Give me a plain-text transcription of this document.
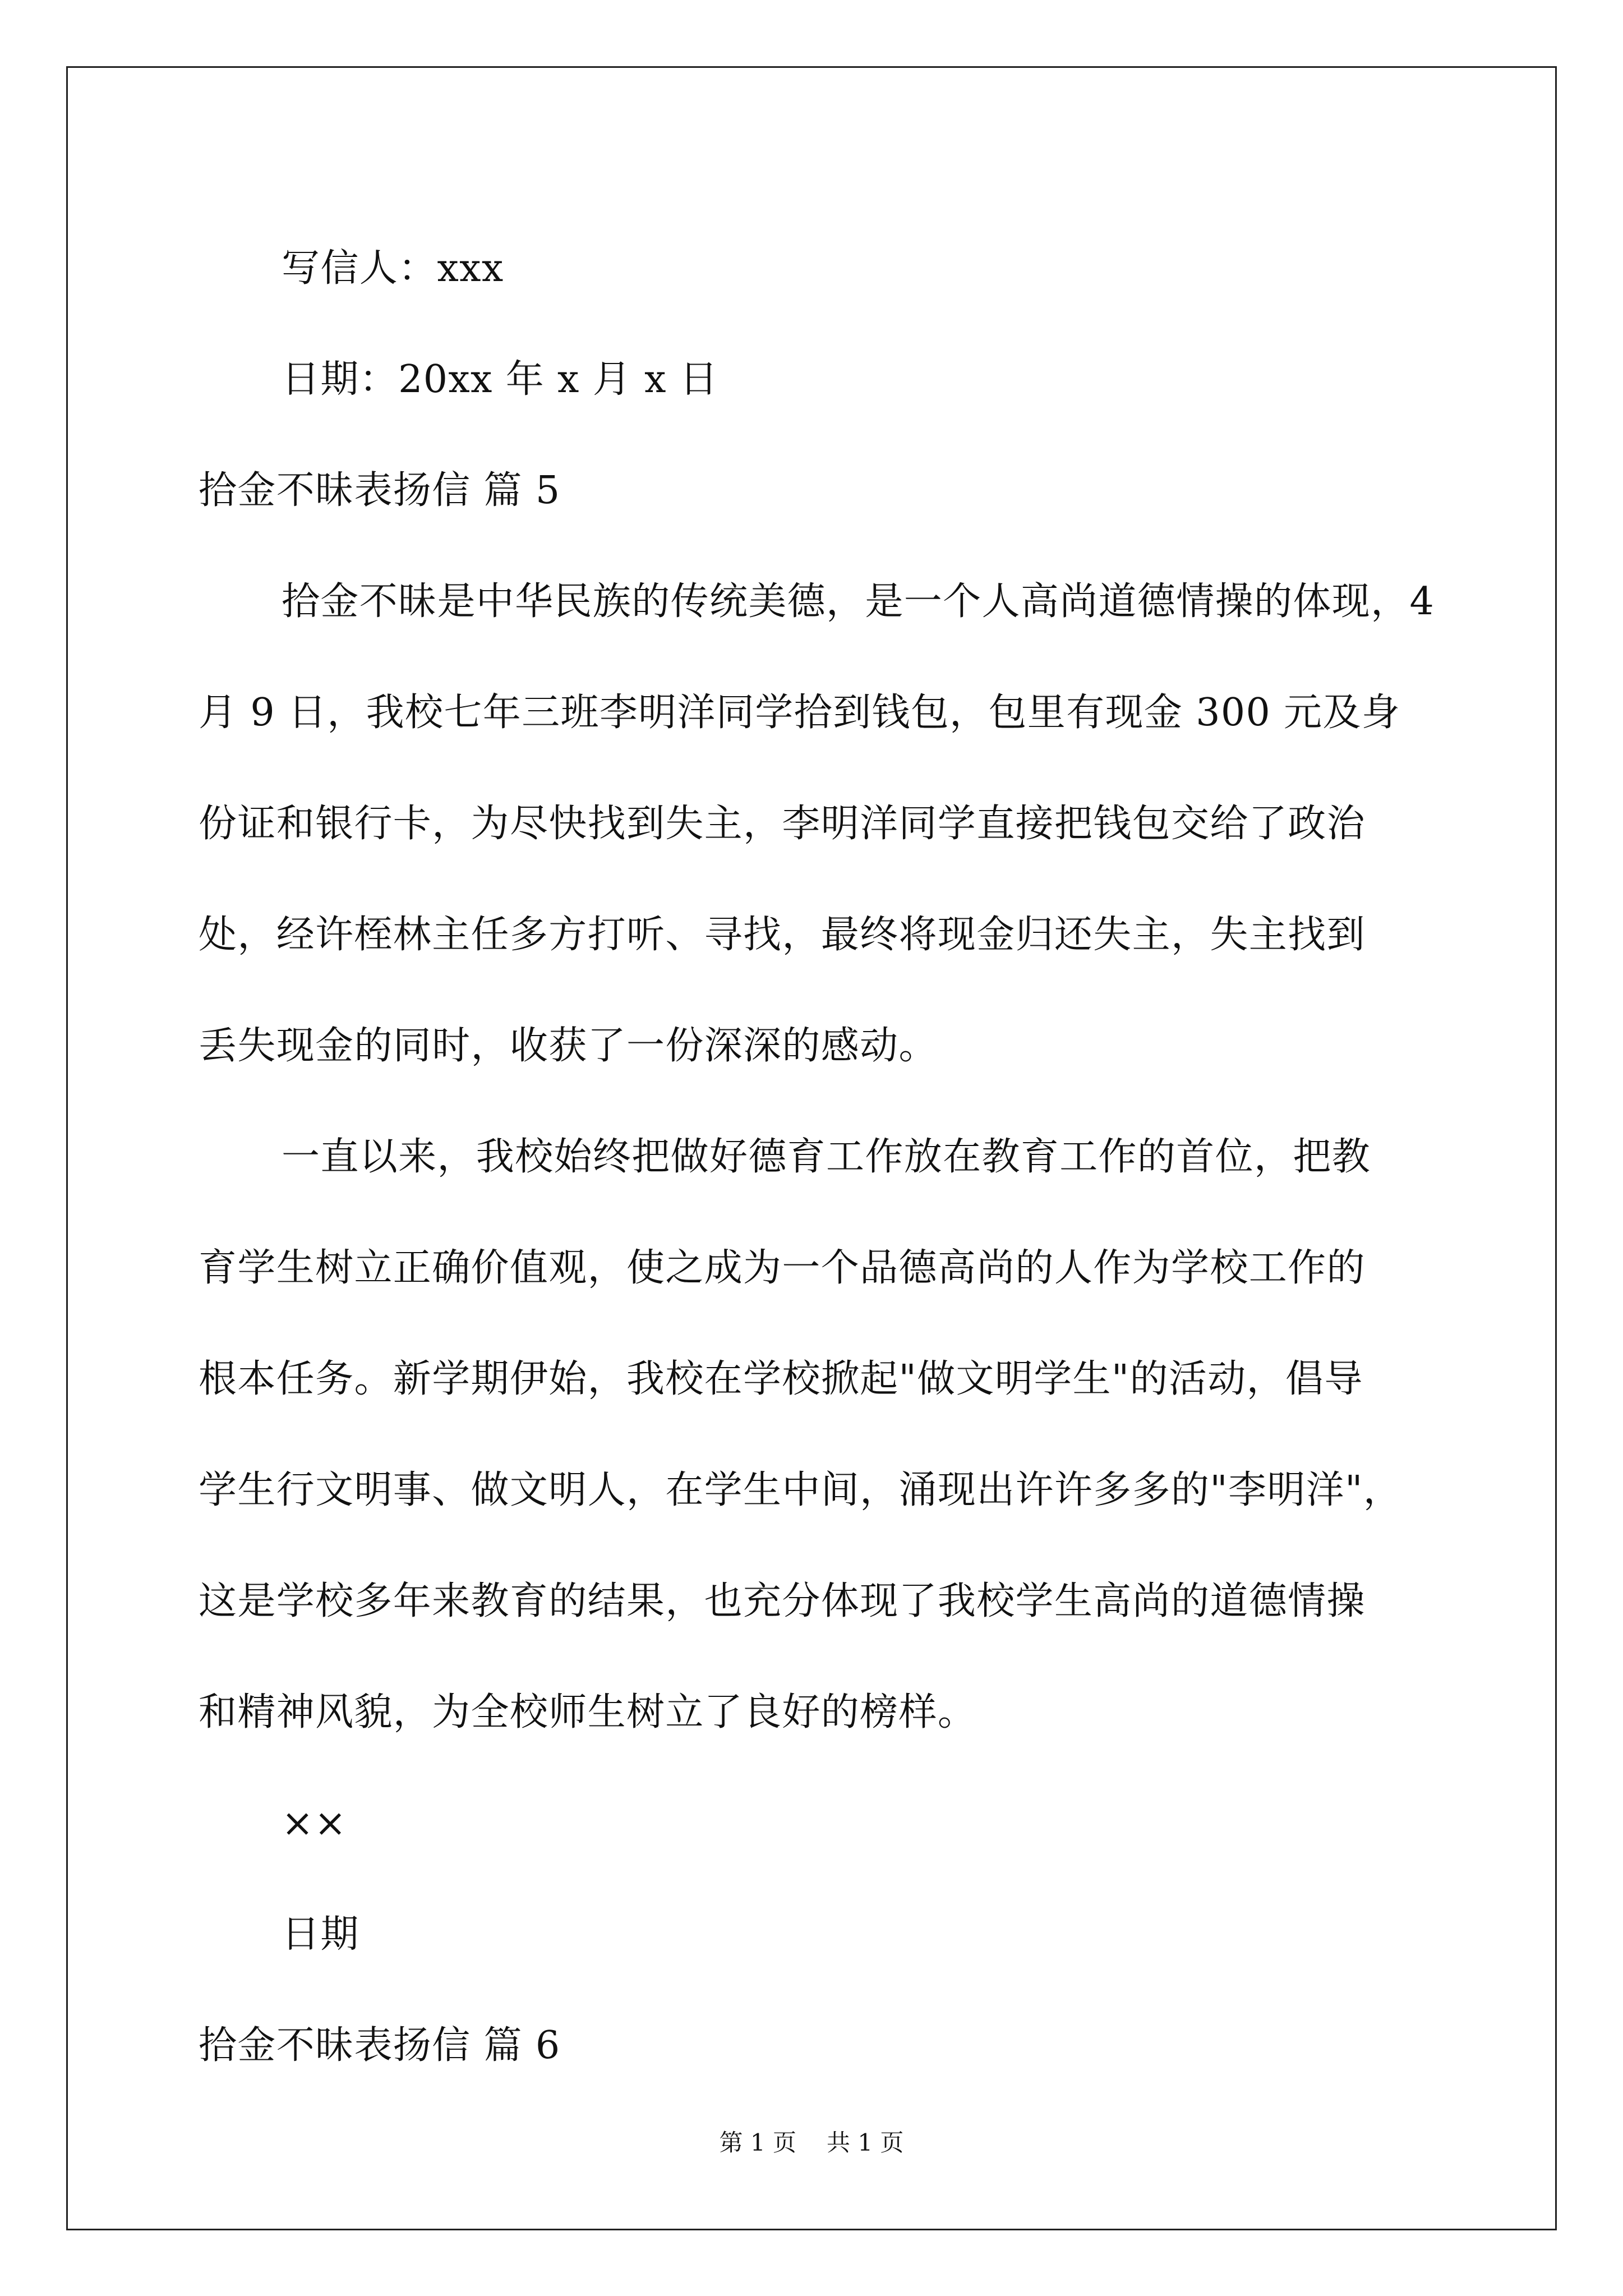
写信人：xxx
日期：20xx 年 x 月 x 日
拾金不昧表扬信 篇 5
拾金不昧是中华民族的传统美德，是一个人高尚道德情操的体现，4
月 9 日，我校七年三班李明洋同学拾到钱包，包里有现金 300 元及身
份证和银行卡，为尽快找到失主，李明洋同学直接把钱包交给了政治
处，经许桎林主任多方打听、寻找，最终将现金归还失主，失主找到
丢失现金的同时，收获了一份深深的感动。
一直以来，我校始终把做好德育工作放在教育工作的首位，把教
育学生树立正确价值观，使之成为一个品德高尚的人作为学校工作的
根本任务。新学期伊始，我校在学校掀起"做文明学生"的活动，倡导
学生行文明事、做文明人，在学生中间，涌现出许许多多的"李明洋"，
这是学校多年来教育的结果，也充分体现了我校学生高尚的道德情操
和精神风貌，为全校师生树立了良好的榜样。
××
日期
拾金不昧表扬信 篇 6
第 1 页 共 1 页
